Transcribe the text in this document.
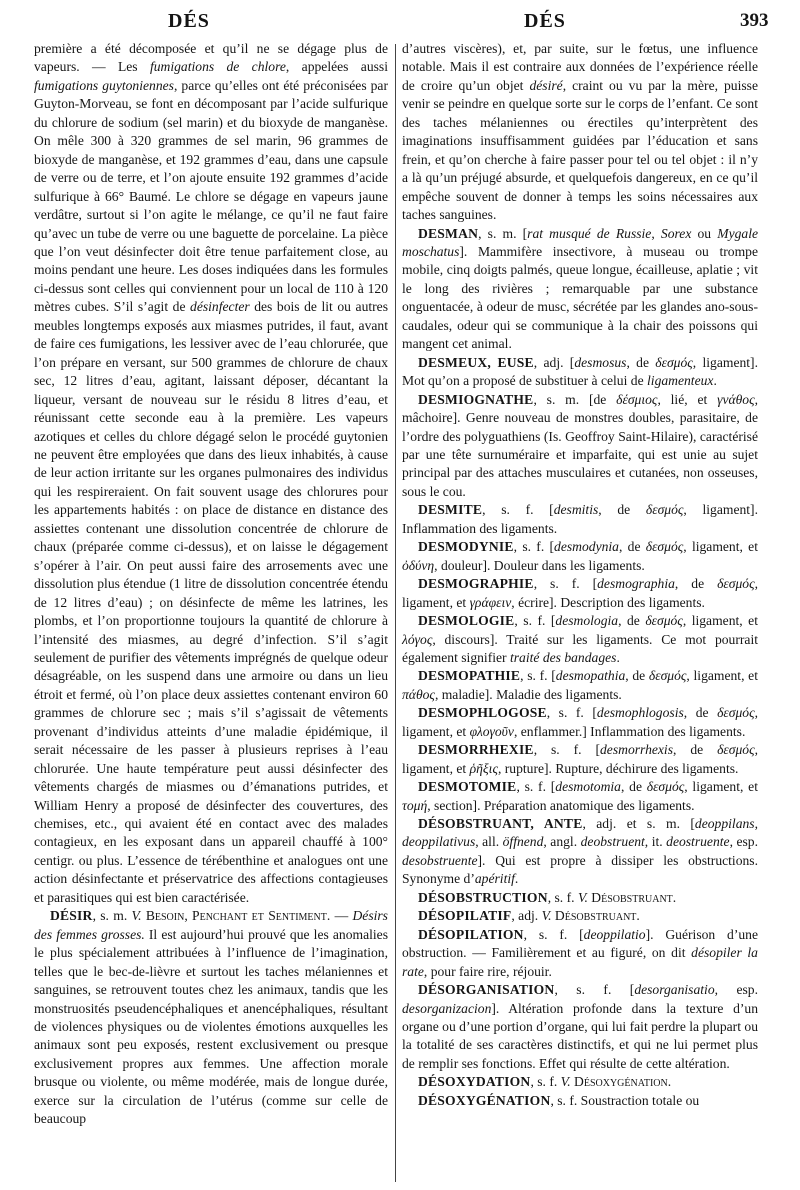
DÉS	DÉS	393

première a été décomposée et qu’il ne se dégage plus de vapeurs. — Les fumigations de chlore, appelées aussi fumigations guytoniennes, parce qu’elles ont été préconisées par Guyton-Morveau, se font en décomposant par l’acide sulfurique du chlorure de sodium (sel marin) et du bioxyde de manganèse. On mêle 300 à 320 grammes de sel marin, 96 grammes de bioxyde de manganèse, et 192 grammes d’eau, dans une capsule de verre ou de terre, et l’on ajoute ensuite 192 grammes d’acide sulfurique à 66° Baumé. Le chlore se dégage en vapeurs jaune verdâtre, surtout si l’on agite le mélange, ce qu’il ne faut faire qu’avec un tube de verre ou une baguette de porcelaine. La pièce que l’on veut désinfecter doit être tenue parfaitement close, au moins pendant une heure. Les doses indiquées dans les formules ci-dessus sont celles qui conviennent pour un local de 110 à 120 mètres cubes. S’il s’agit de désinfecter des bois de lit ou autres meubles longtemps exposés aux miasmes putrides, il faut, avant de faire ces fumigations, les lessiver avec de l’eau chlorurée, que l’on prépare en versant, sur 500 grammes de chlorure de chaux sec, 12 litres d’eau, agitant, laissant déposer, décantant la liqueur, versant de nouveau sur le résidu 8 litres d’eau, et réunissant cette seconde eau à la première. Les vapeurs azotiques et celles du chlore dégagé selon le procédé guytonien ne peuvent être employées que dans des lieux inhabités, à cause de leur action irritante sur les organes pulmonaires des individus qui les respireraient. On fait souvent usage des chlorures pour les appartements habités : on place de distance en distance des assiettes contenant une dissolution concentrée de chlorure de chaux (préparée comme ci-dessus), et on laisse le dégagement s’opérer à l’air. On peut aussi faire des arrosements avec une dissolution plus étendue (1 litre de dissolution concentrée étendu de 12 litres d’eau) ; on désinfecte de même les latrines, les plombs, et l’on proportionne toujours la quantité de chlorure à l’intensité des miasmes, au degré d’infection. S’il s’agit seulement de purifier des vêtements imprégnés de quelque odeur désagréable, on les suspend dans une armoire ou dans un lieu étroit et fermé, où l’on place deux assiettes contenant environ 60 grammes de chlorure sec ; mais s’il s’agissait de vêtements provenant d’individus atteints d’une maladie épidémique, il serait nécessaire de les passer à plusieurs reprises à l’eau chlorurée. Une haute température peut aussi désinfecter des vêtements chargés de miasmes ou d’émanations putrides, et William Henry a proposé de désinfecter des couvertures, des chemises, etc., qui avaient été en contact avec des malades contagieux, en les exposant dans un appareil chauffé à 100° centigr. ou plus. L’essence de térébenthine et analogues ont une action désinfectante et préservatrice des affections contagieuses et parasitiques qui est bien caractérisée.

DÉSIR, s. m. V. Besoin, Penchant et Sentiment. — Désirs des femmes grosses. Il est aujourd’hui prouvé que les anomalies le plus spécialement attribuées à l’influence de l’imagination, telles que le bec-de-lièvre et surtout les taches mélaniennes et sanguines, se retrouvent toutes chez les animaux, tandis que les monstruosités pseudencéphaliques et anencéphaliques, résultant de violences physiques ou de violentes émotions auxquelles les animaux sont peu exposés, restent exclusivement ou presque exclusivement propres aux femmes. Une affection morale brusque ou violente, ou même modérée, mais de longue durée, exerce sur la circulation de l’utérus (comme sur celle de beaucoup

d’autres viscères), et, par suite, sur le fœtus, une influence notable. Mais il est contraire aux données de l’expérience réelle de croire qu’un objet désiré, craint ou vu par la mère, puisse venir se peindre en quelque sorte sur le corps de l’enfant. Ce sont des taches mélaniennes ou érectiles qu’interprètent des imaginations insuffisamment guidées par l’éducation et sans frein, et qu’on cherche à faire passer pour tel ou tel objet : il n’y a là qu’un préjugé absurde, et quelquefois dangereux, en ce qu’il empêche souvent de donner à temps les soins nécessaires aux taches sanguines.

DESMAN, s. m. [rat musqué de Russie, Sorex ou Mygale moschatus]. Mammifère insectivore, à museau ou trompe mobile, cinq doigts palmés, queue longue, écailleuse, aplatie ; vit le long des rivières ; remarquable par une substance onguentacée, à odeur de musc, sécrétée par les glandes ano-sous-caudales, odeur qui se communique à la chair des poissons qui mangent cet animal.

DESMEUX, EUSE, adj. [desmosus, de δεσμός, ligament]. Mot qu’on a proposé de substituer à celui de ligamenteux.

DESMIOGNATHE, s. m. [de δέσμιος, lié, et γνάθος, mâchoire]. Genre nouveau de monstres doubles, parasitaire, de l’ordre des polyguathiens (Is. Geoffroy Saint-Hilaire), caractérisé par une tête surnuméraire et imparfaite, qui est unie au sujet principal par des attaches musculaires et cutanées, non osseuses, sous le cou.

DESMITE, s. f. [desmitis, de δεσμός, ligament]. Inflammation des ligaments.

DESMODYNIE, s. f. [desmodynia, de δεσμός, ligament, et ὀδύνη, douleur]. Douleur dans les ligaments.

DESMOGRAPHIE, s. f. [desmographia, de δεσμός, ligament, et γράφειν, écrire]. Description des ligaments.

DESMOLOGIE, s. f. [desmologia, de δεσμός, ligament, et λόγος, discours]. Traité sur les ligaments. Ce mot pourrait également signifier traité des bandages.

DESMOPATHIE, s. f. [desmopathia, de δεσμός, ligament, et πάθος, maladie]. Maladie des ligaments.

DESMOPHLOGOSE, s. f. [desmophlogosis, de δεσμός, ligament, et φλογοῦν, enflammer.] Inflammation des ligaments.

DESMORRHEXIE, s. f. [desmorrhexis, de δεσμός, ligament, et ῥῆξις, rupture]. Rupture, déchirure des ligaments.

DESMOTOMIE, s. f. [desmotomia, de δεσμός, ligament, et τομή, section]. Préparation anatomique des ligaments.

DÉSOBSTRUANT, ANTE, adj. et s. m. [deoppilans, deoppilativus, all. öffnend, angl. deobstruent, it. deostruente, esp. desobstruente]. Qui est propre à dissiper les obstructions. Synonyme d’apéritif.

DÉSOBSTRUCTION, s. f. V. Désobstruant.

DÉSOPILATIF, adj. V. Désobstruant.

DÉSOPILATION, s. f. [deoppilatio]. Guérison d’une obstruction. — Familièrement et au figuré, on dit désopiler la rate, pour faire rire, réjouir.

DÉSORGANISATION, s. f. [desorganisatio, esp. desorganizacion]. Altération profonde dans la texture d’un organe ou d’une portion d’organe, qui lui fait perdre la plupart ou la totalité de ses caractères distinctifs, et qui ne lui permet plus de remplir ses fonctions. Effet qui résulte de cette altération.

DÉSOXYDATION, s. f. V. Désoxygénation.

DÉSOXYGÉNATION, s. f. Soustraction totale ou
